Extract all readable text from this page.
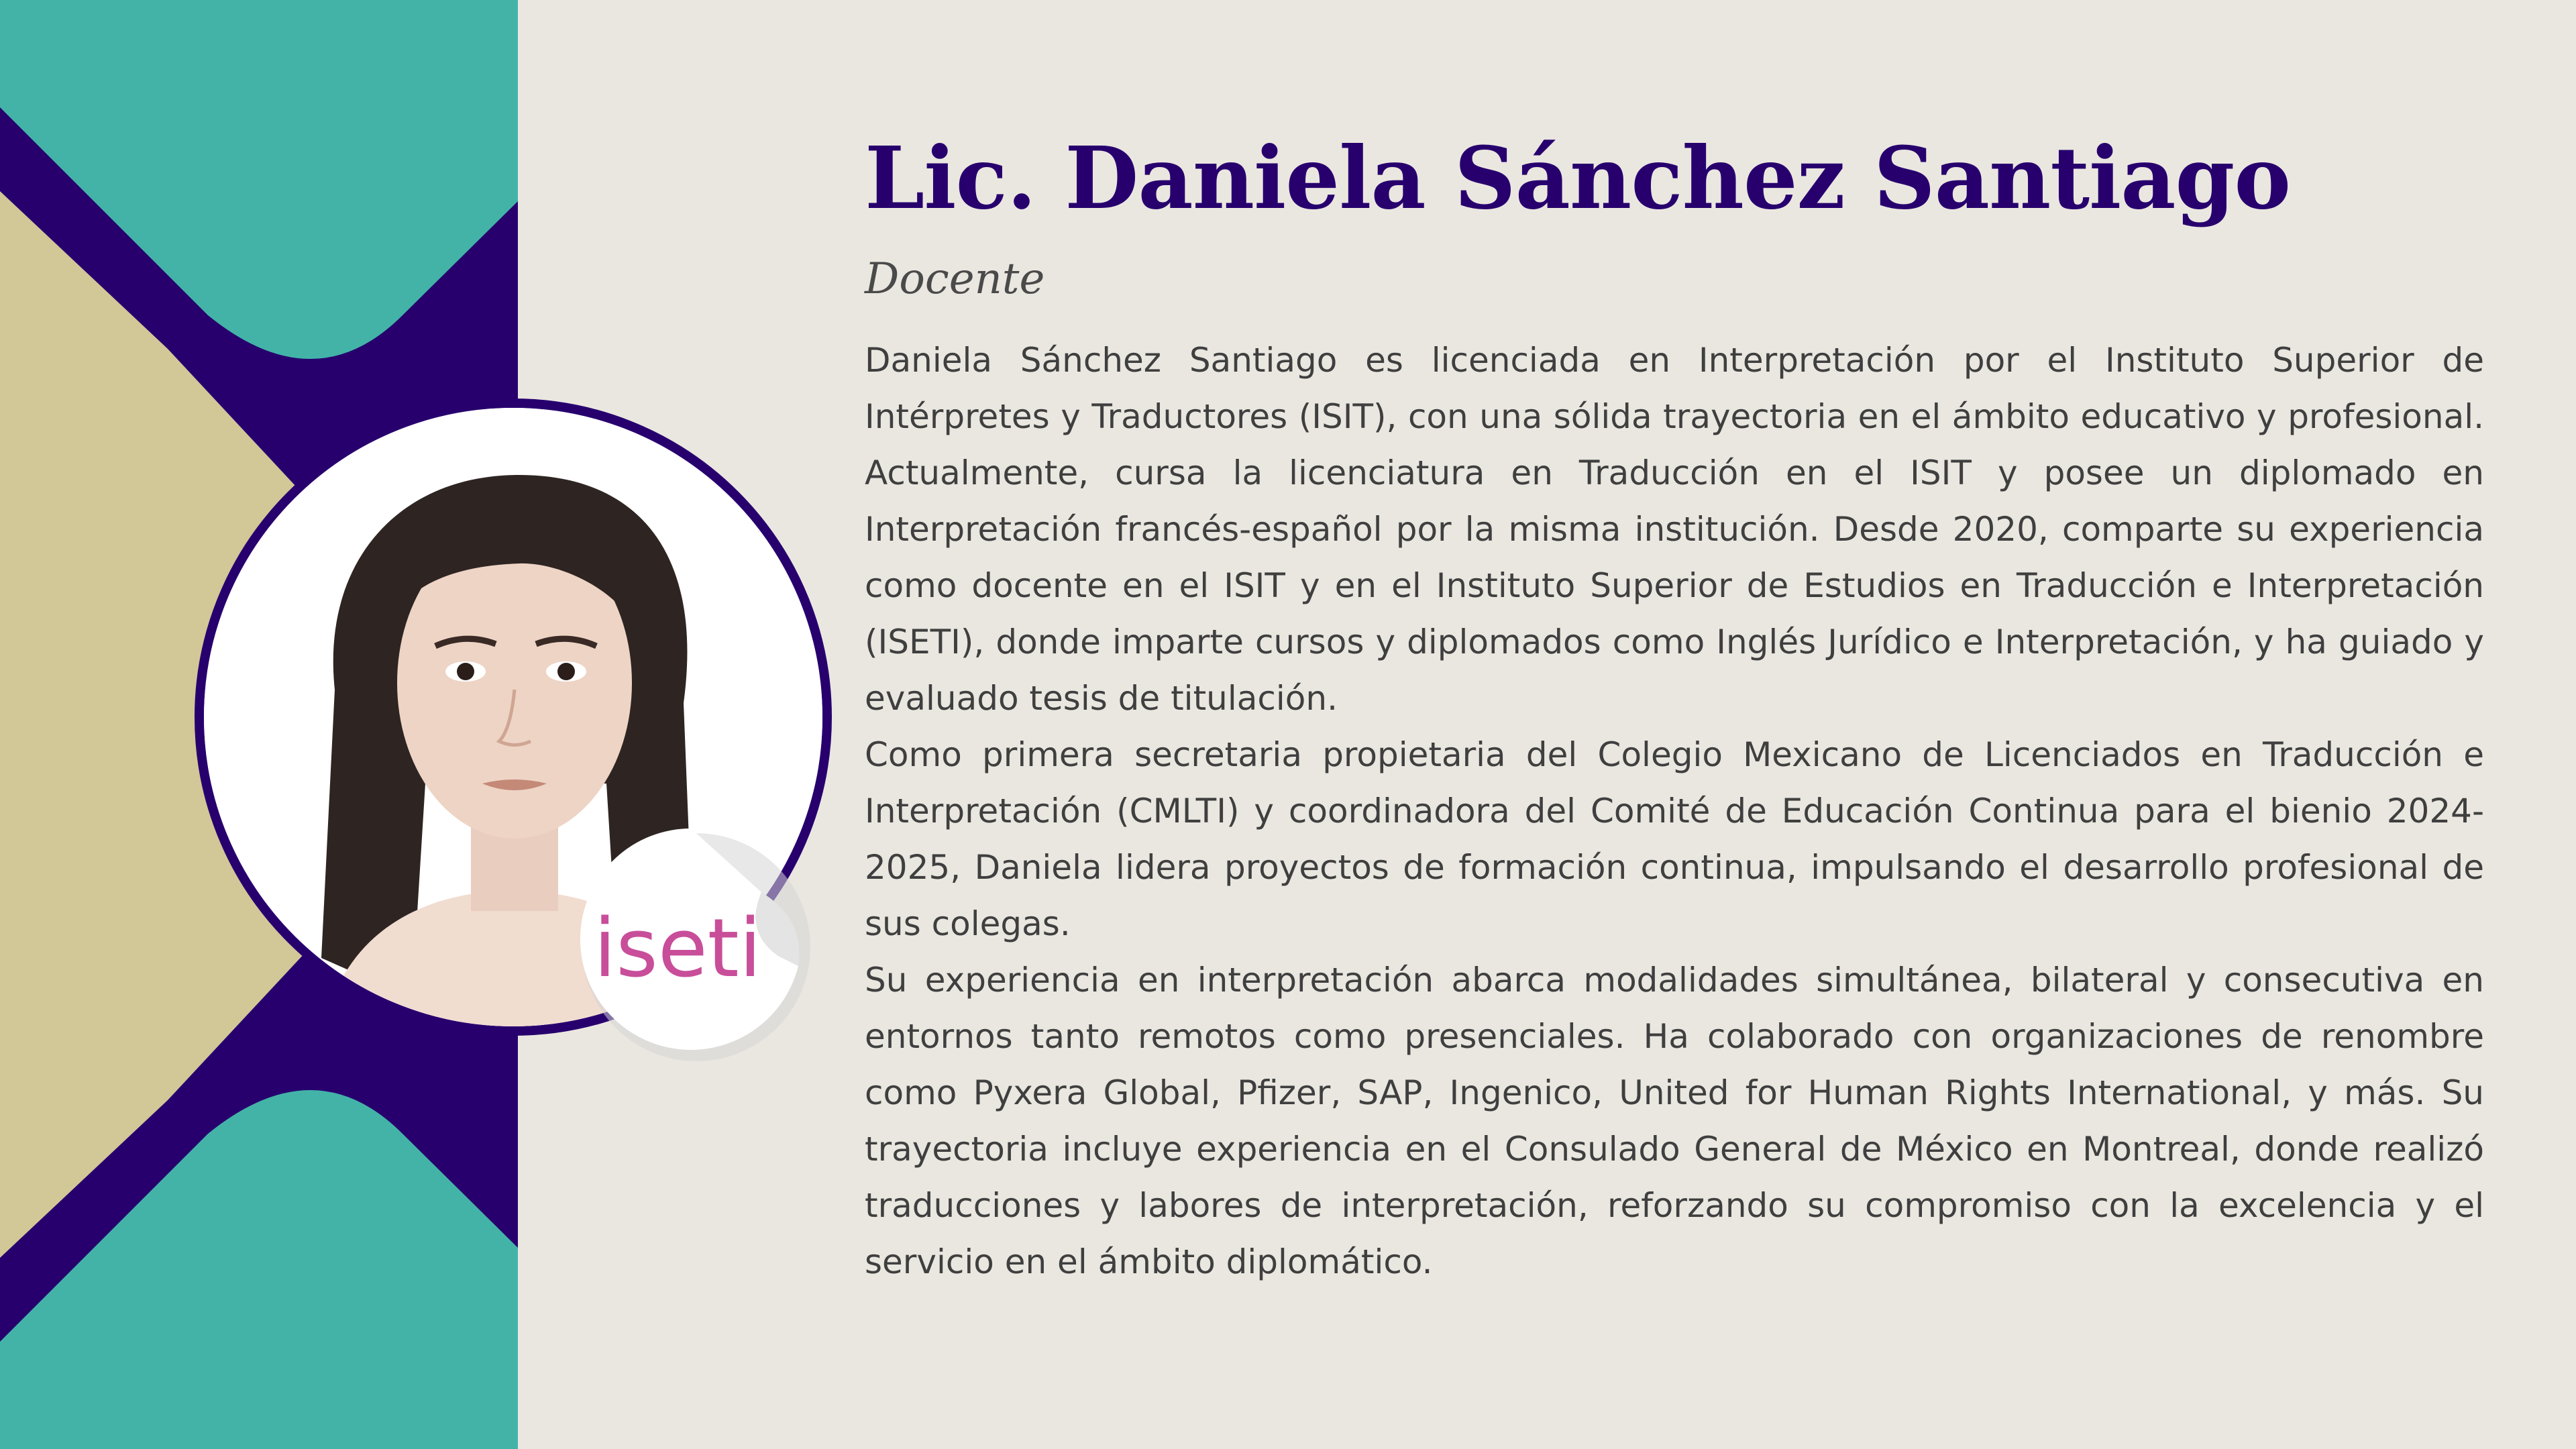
iseti
Lic. Daniela Sánchez Santiago
Docente

Daniela Sánchez Santiago es licenciada en Interpretación por el Instituto Superior de Intérpretes y Traductores (ISIT), con una sólida trayectoria en el ámbito educativo y profesional. Actualmente, cursa la licenciatura en Traducción en el ISIT y posee un diplomado en Interpretación francés-español por la misma institución. Desde 2020, comparte su experiencia como docente en el ISIT y en el Instituto Superior de Estudios en Traducción e Interpretación (ISETI), donde imparte cursos y diplomados como Inglés Jurídico e Interpretación, y ha guiado y evaluado tesis de titulación.

Como primera secretaria propietaria del Colegio Mexicano de Licenciados en Traducción e Interpretación (CMLTI) y coordinadora del Comité de Educación Continua para el bienio 2024-2025, Daniela lidera proyectos de formación continua, impulsando el desarrollo profesional de sus colegas.

Su experiencia en interpretación abarca modalidades simultánea, bilateral y consecutiva en entornos tanto remotos como presenciales. Ha colaborado con organizaciones de renombre como Pyxera Global, Pfizer, SAP, Ingenico, United for Human Rights International, y más. Su trayectoria incluye experiencia en el Consulado General de México en Montreal, donde realizó traducciones y labores de interpretación, reforzando su compromiso con la excelencia y el servicio en el ámbito diplomático.
